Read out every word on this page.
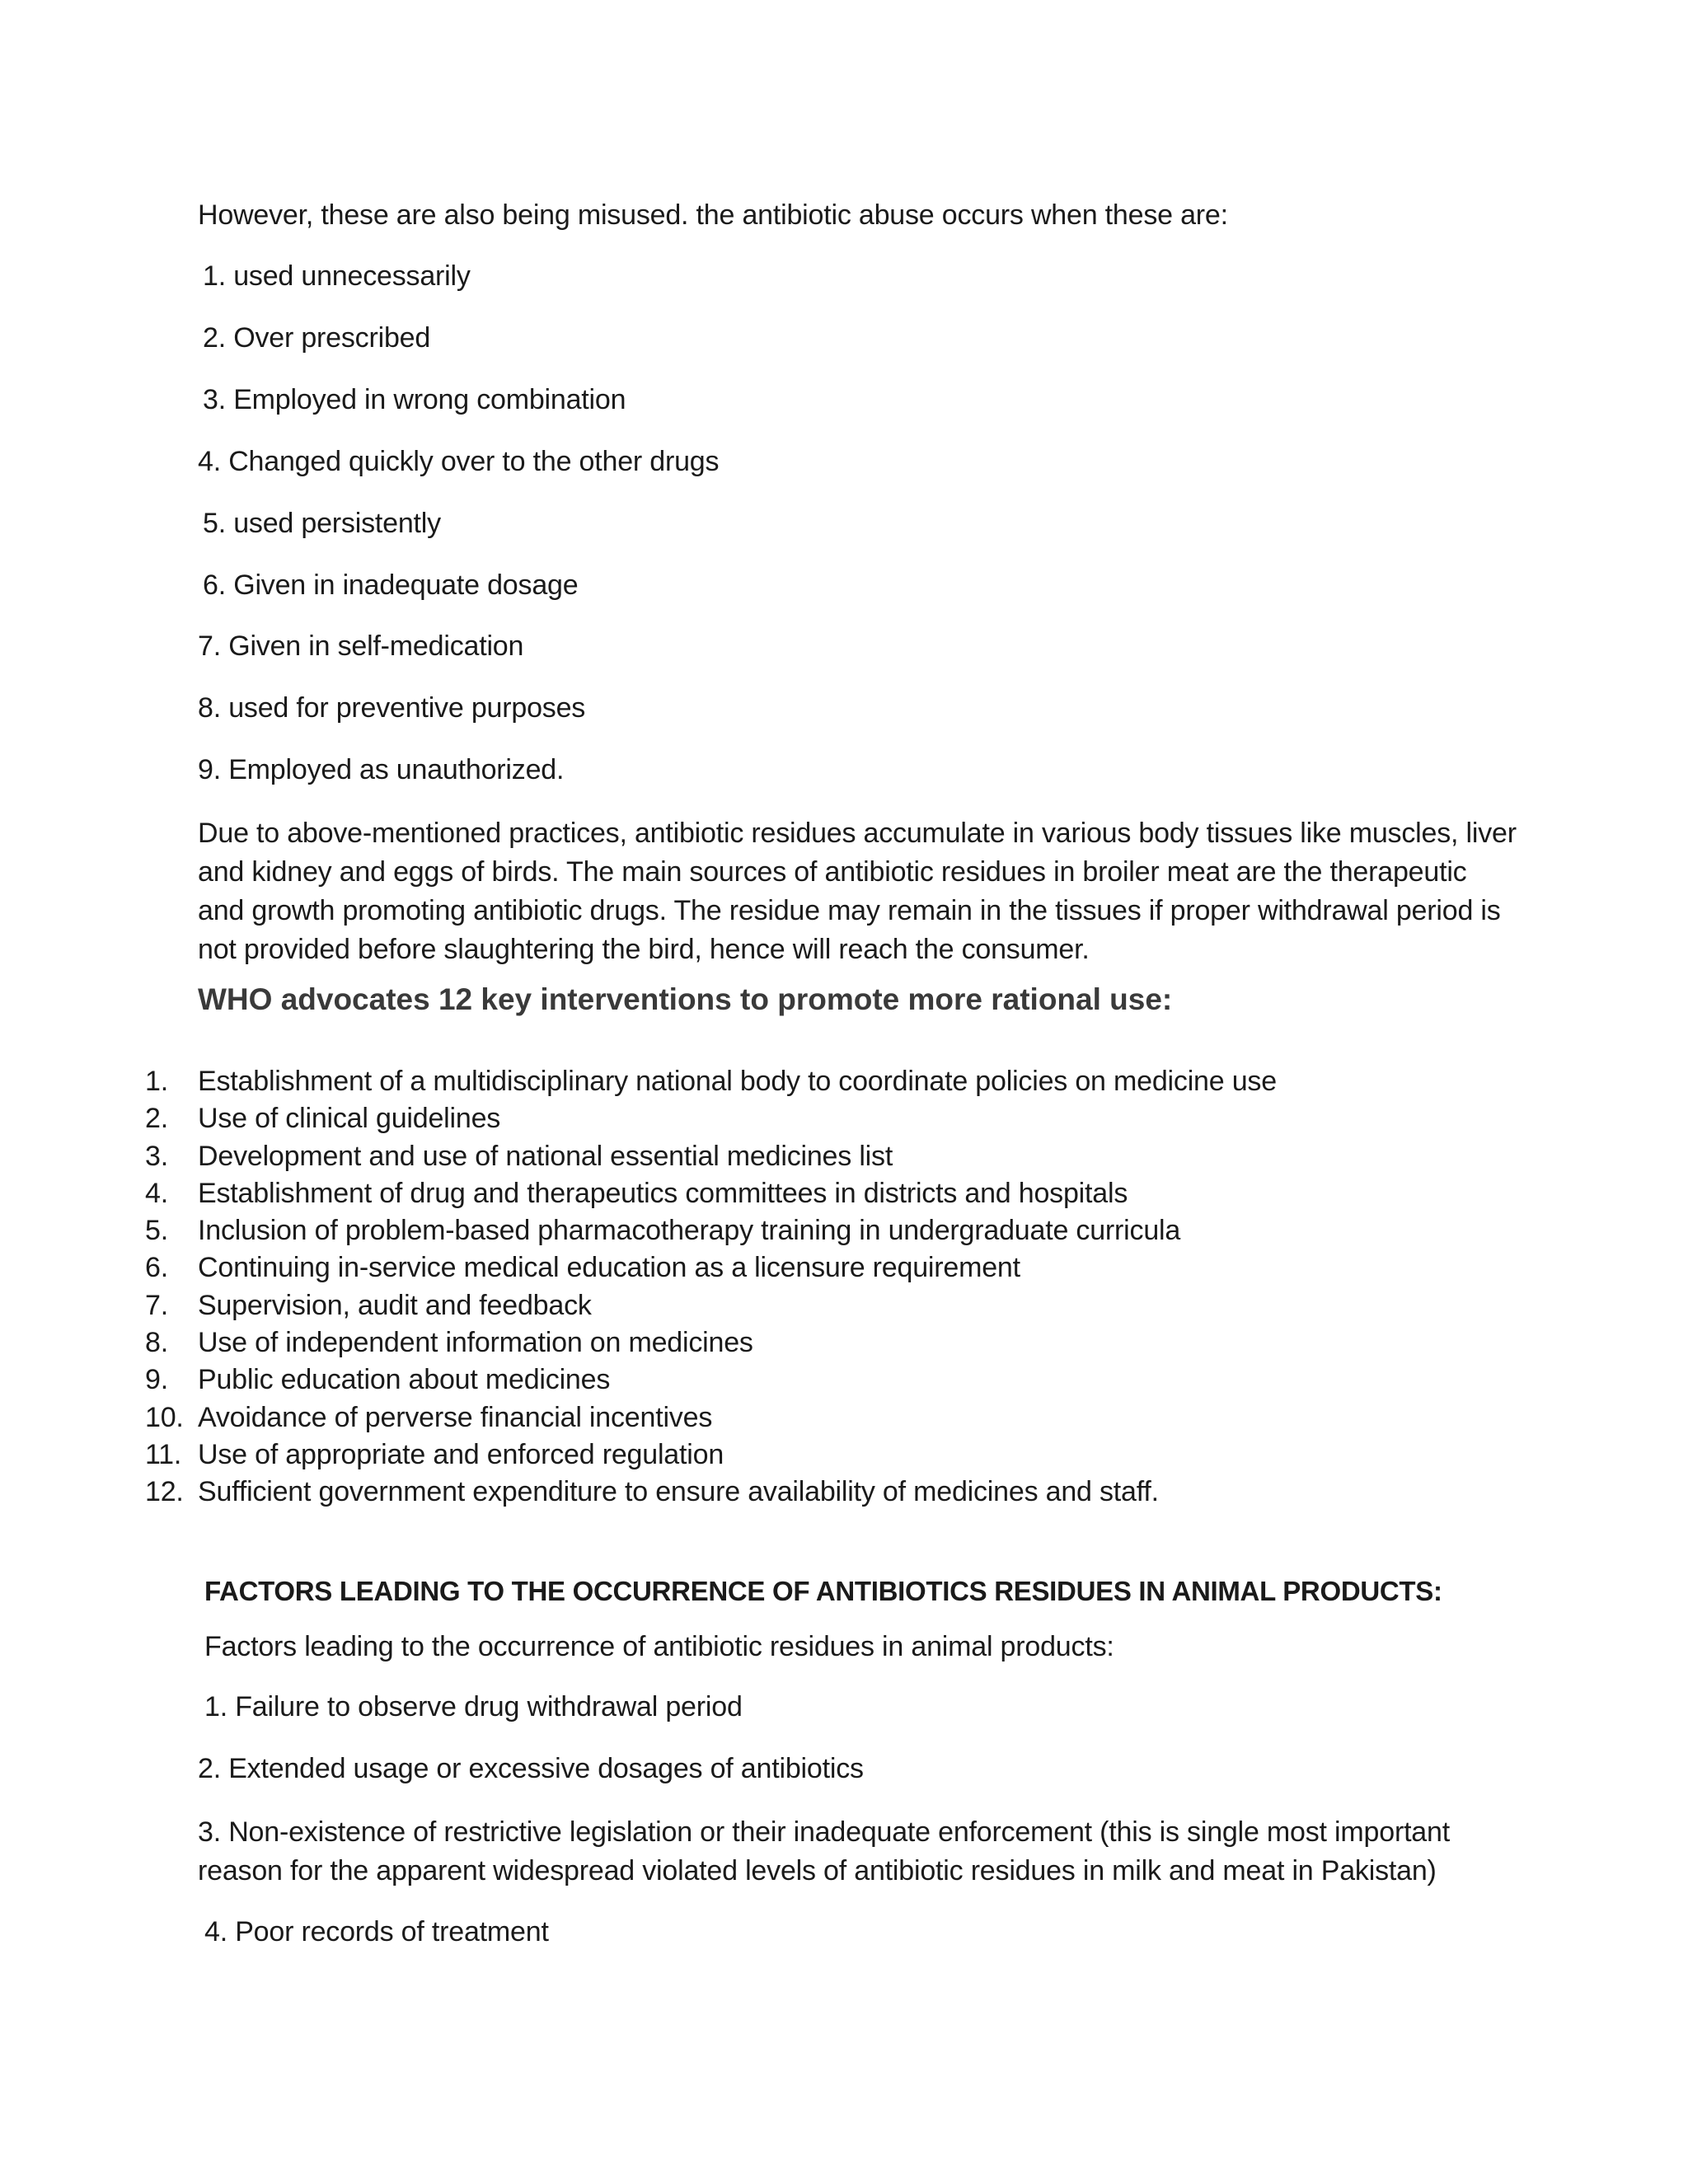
However, these are also being misused. the antibiotic abuse occurs when these are:
1. used unnecessarily
2. Over prescribed
3. Employed in wrong combination
4. Changed quickly over to the other drugs
5. used persistently
6. Given in inadequate dosage
7. Given in self-medication
8. used for preventive purposes
9. Employed as unauthorized.
Due to above-mentioned practices, antibiotic residues accumulate in various body tissues like muscles, liver and kidney and eggs of birds. The main sources of antibiotic residues in broiler meat are the therapeutic and growth promoting antibiotic drugs. The residue may remain in the tissues if proper withdrawal period is not provided before slaughtering the bird, hence will reach the consumer.
WHO advocates 12 key interventions to promote more rational use:
1. Establishment of a multidisciplinary national body to coordinate policies on medicine use
2. Use of clinical guidelines
3. Development and use of national essential medicines list
4. Establishment of drug and therapeutics committees in districts and hospitals
5. Inclusion of problem-based pharmacotherapy training in undergraduate curricula
6. Continuing in-service medical education as a licensure requirement
7. Supervision, audit and feedback
8. Use of independent information on medicines
9. Public education about medicines
10. Avoidance of perverse financial incentives
11. Use of appropriate and enforced regulation
12. Sufficient government expenditure to ensure availability of medicines and staff.
FACTORS LEADING TO THE OCCURRENCE OF ANTIBIOTICS RESIDUES IN ANIMAL PRODUCTS:
Factors leading to the occurrence of antibiotic residues in animal products:
1. Failure to observe drug withdrawal period
2. Extended usage or excessive dosages of antibiotics
3. Non-existence of restrictive legislation or their inadequate enforcement (this is single most important reason for the apparent widespread violated levels of antibiotic residues in milk and meat in Pakistan)
4. Poor records of treatment
